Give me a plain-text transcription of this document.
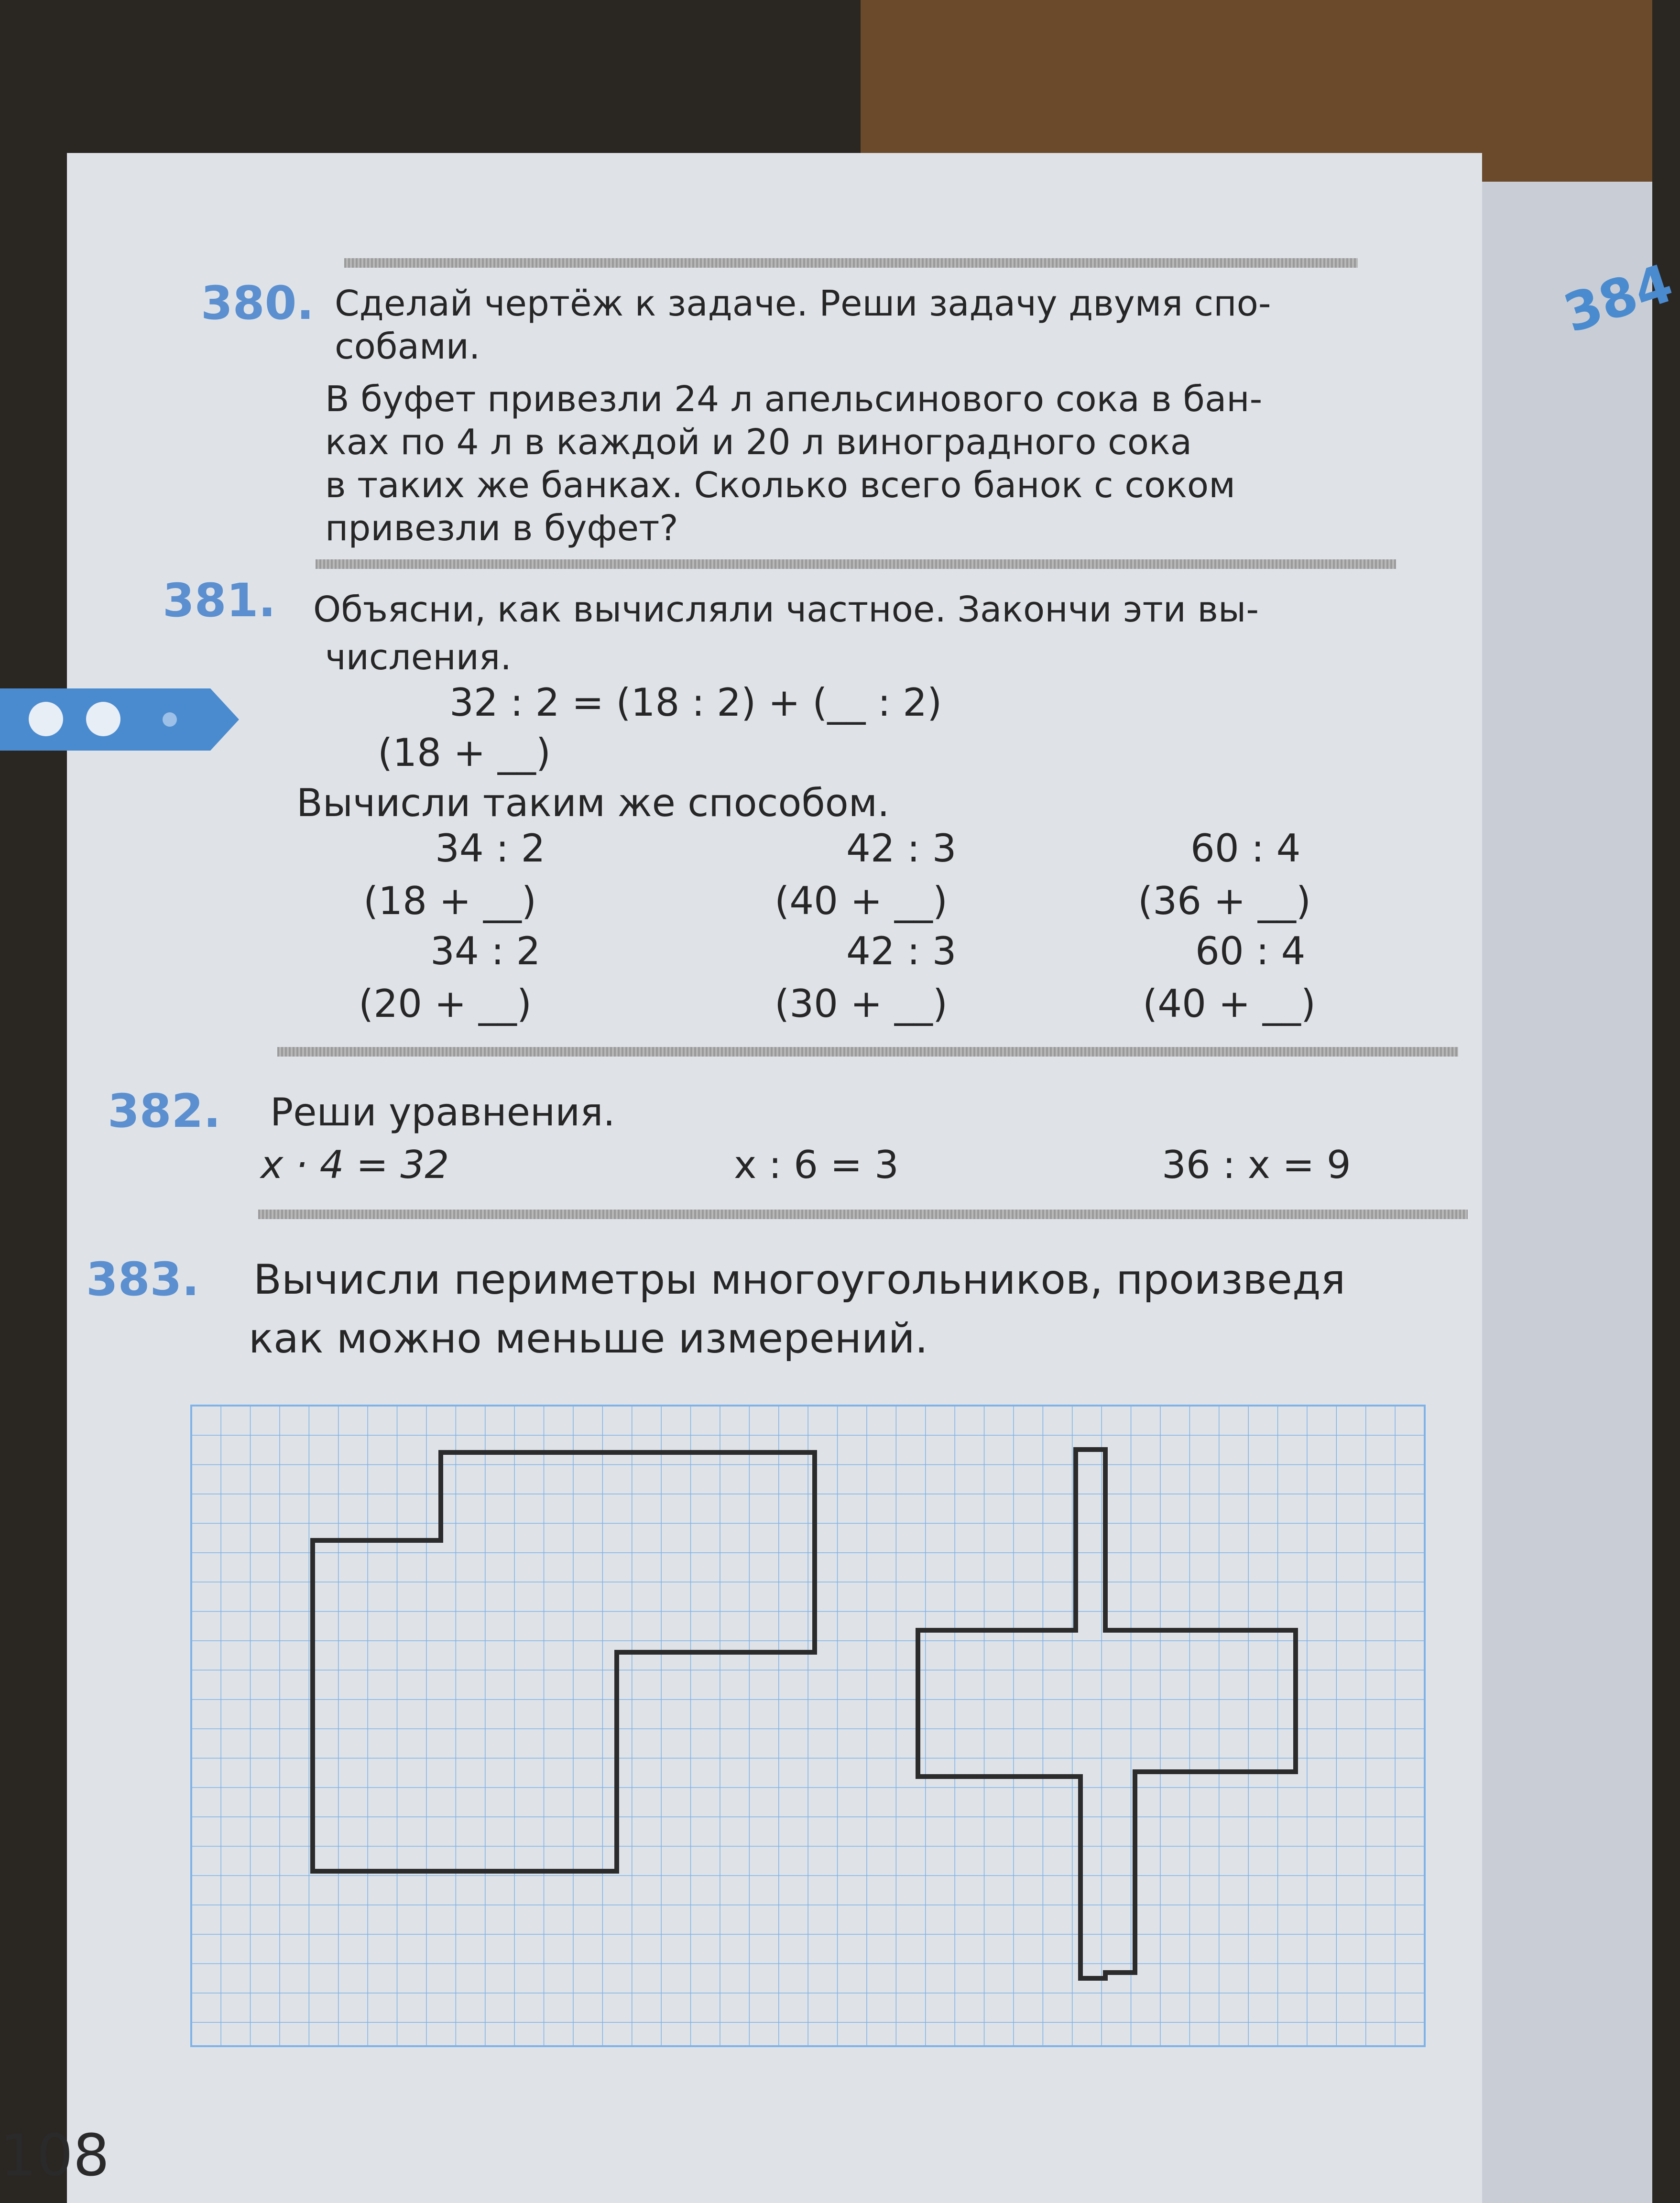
384
380. Сделай чертёж к задаче. Реши задачу двумя спо-
собами.
В буфет привезли 24 л апельсинового сока в бан-
ках по 4 л в каждой и 20 л виноградного сока
в таких же банках. Сколько всего банок с соком
привезли в буфет?
381. Объясни, как вычисляли частное. Закончи эти вы-
числения.
32 : 2 = (18 : 2) + (__ : 2)
(18 + __)
Вычисли таким же способом.
34 : 2	42 : 3	60 : 4
(18 + __)	(40 + __)	(36 + __)
34 : 2	42 : 3	60 : 4
(20 + __)	(30 + __)	(40 + __)
382. Реши уравнения.
x · 4 = 32	x : 6 = 3	36 : x = 9
383. Вычисли периметры многоугольников, произведя
как можно меньше измерений.
108
